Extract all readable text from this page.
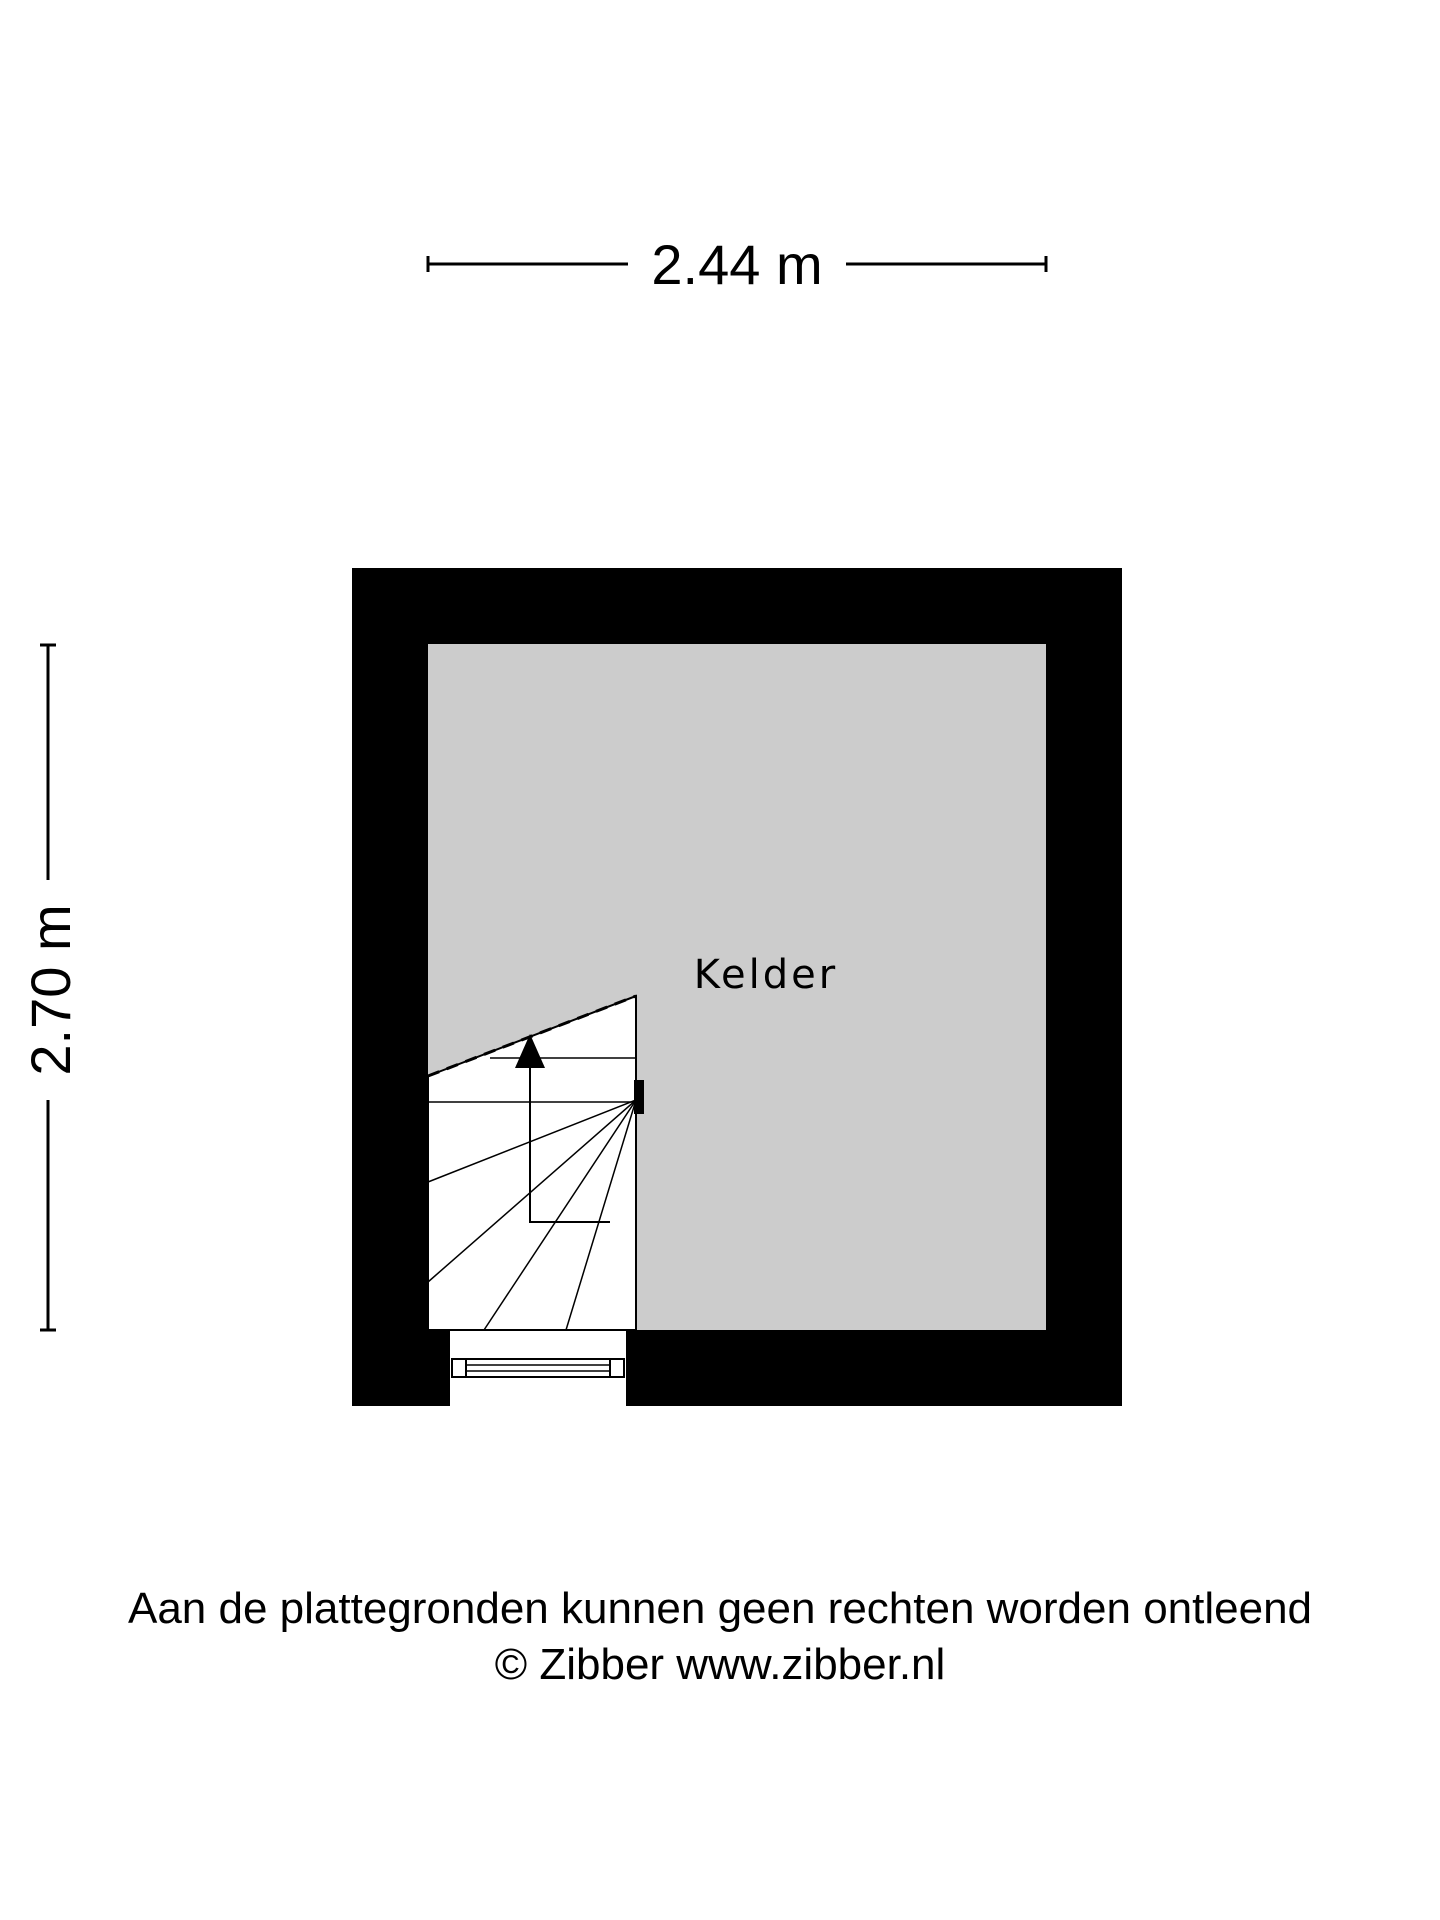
2.44 m
2.70 m	Kelder
Aan de plattegronden kunnen geen rechten worden ontleend
© Zibber www.zibber.nl
